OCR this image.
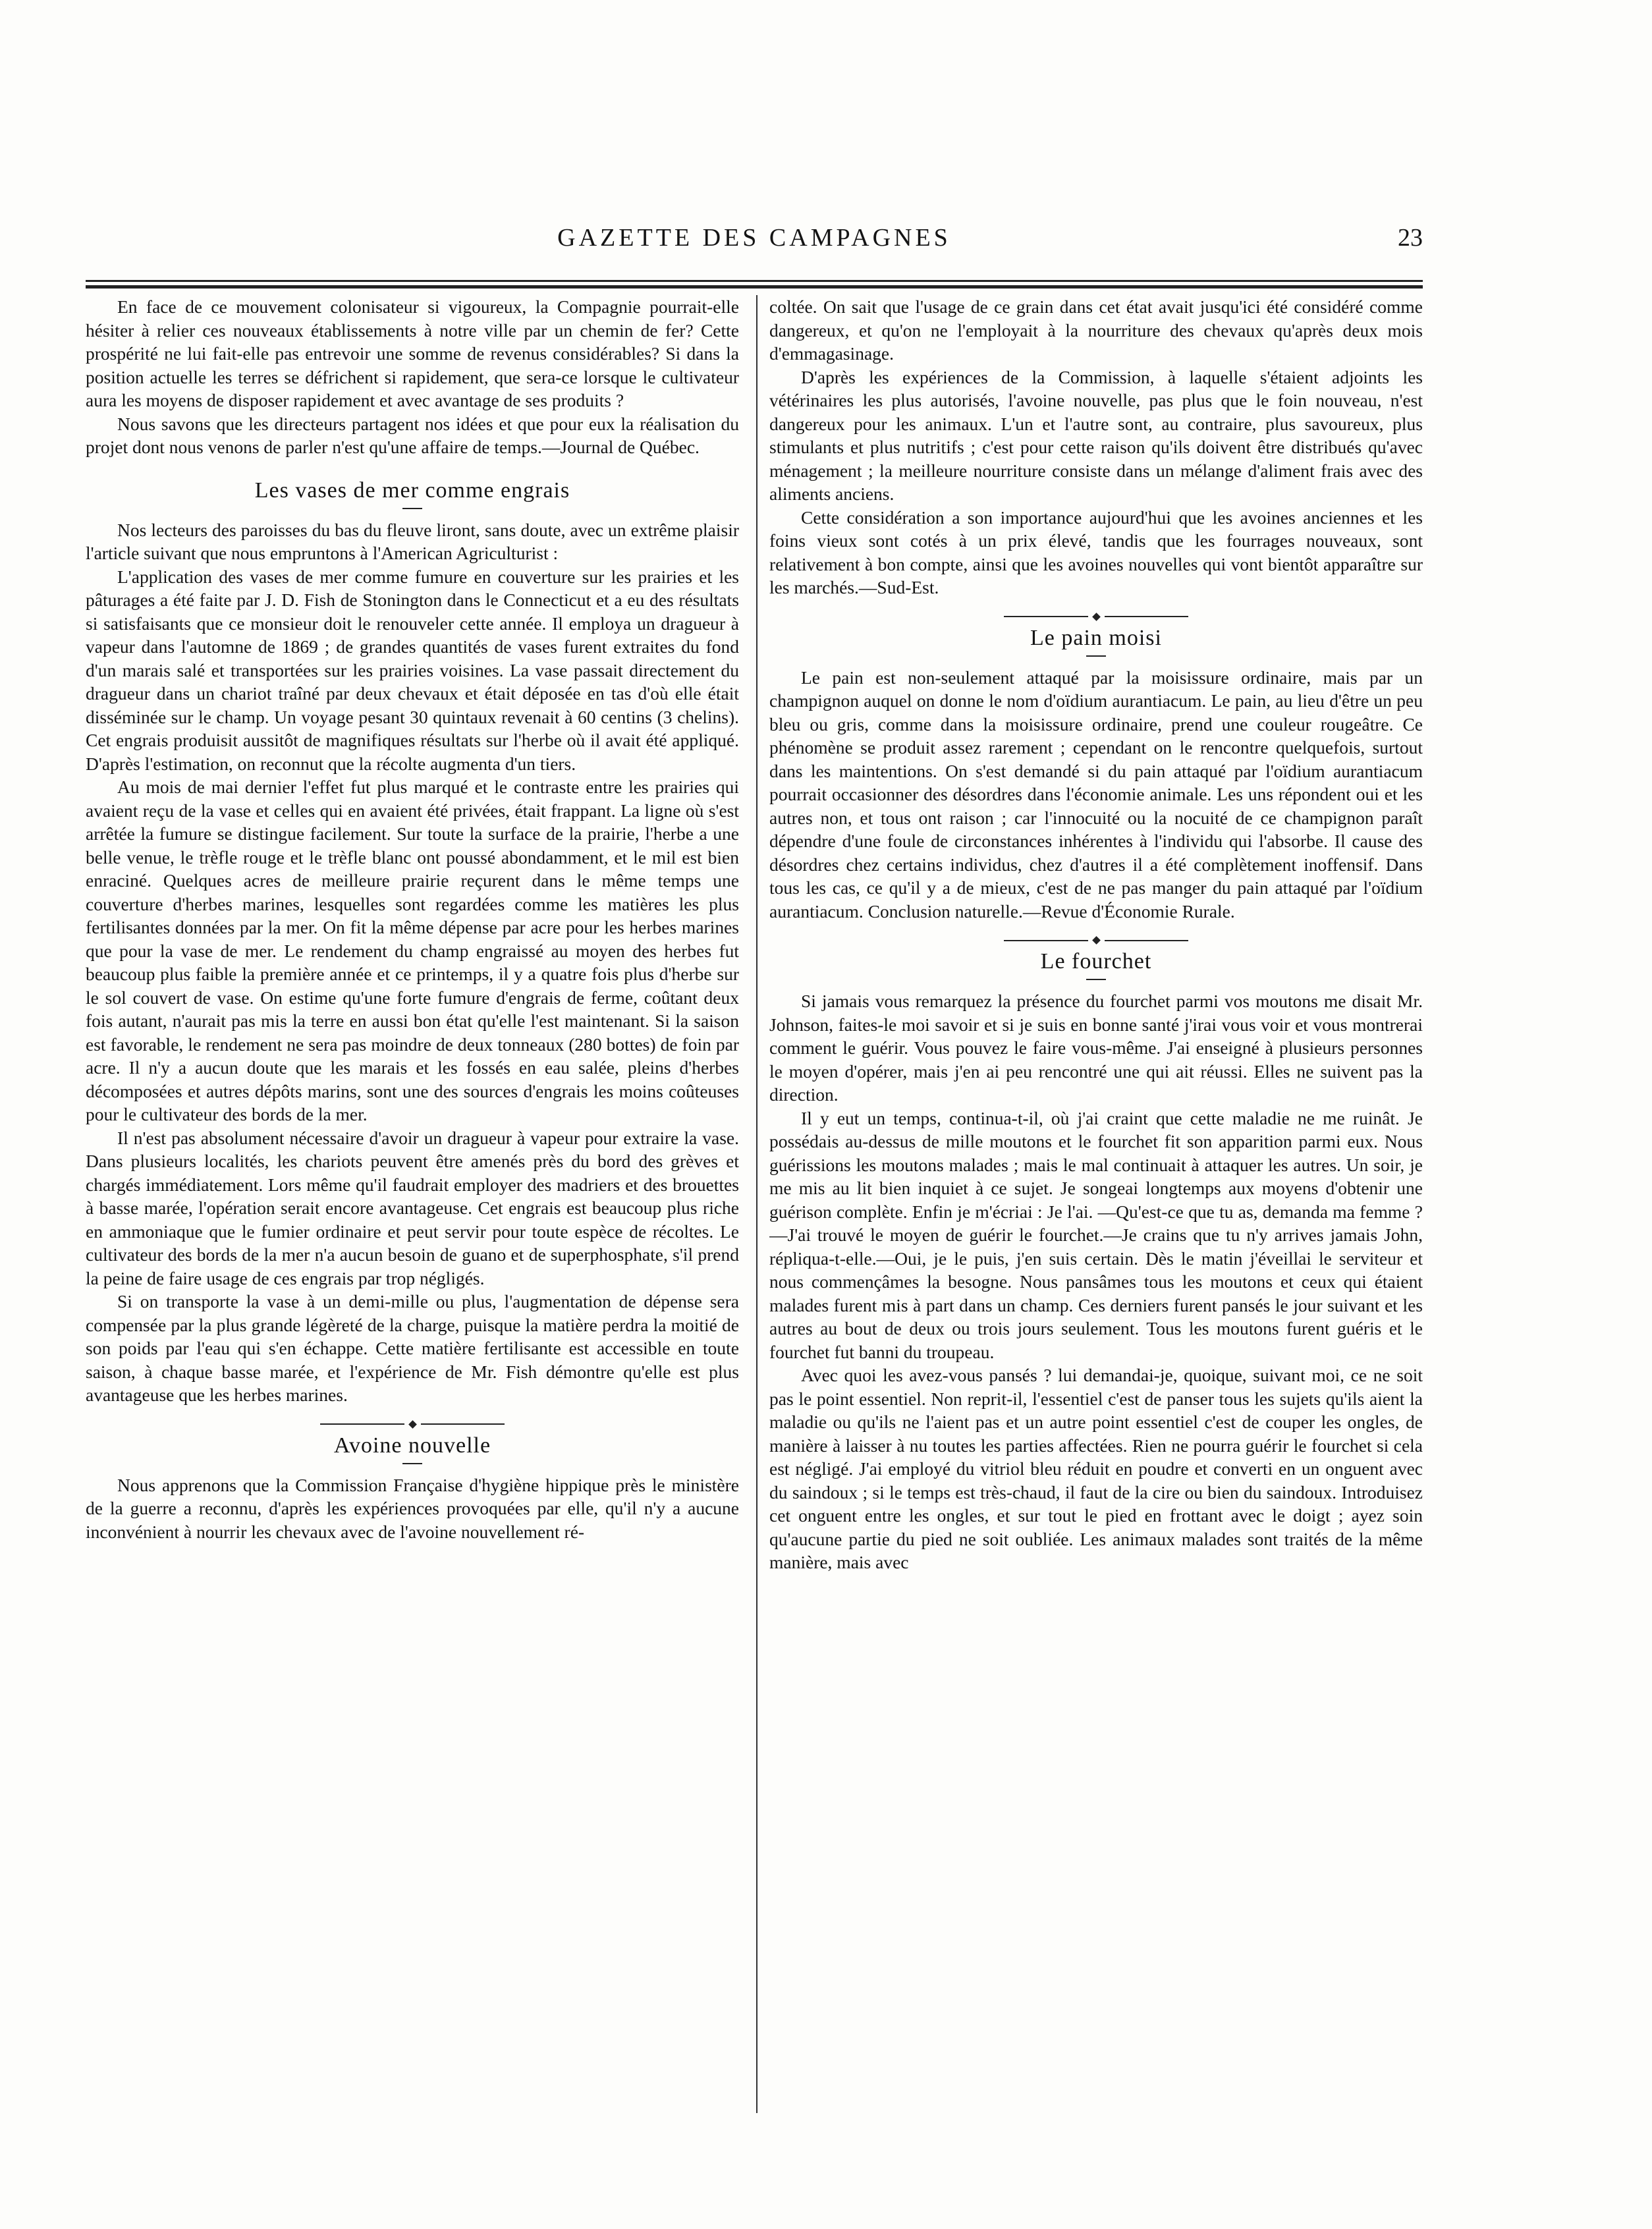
GAZETTE DES CAMPAGNES	23

En face de ce mouvement colonisateur si vigoureux, la Compagnie pourrait-elle hésiter à relier ces nouveaux établissements à notre ville par un chemin de fer? Cette prospérité ne lui fait-elle pas entrevoir une somme de revenus considérables? Si dans la position actuelle les terres se défrichent si rapidement, que sera-ce lorsque le cultivateur aura les moyens de disposer rapidement et avec avantage de ses produits ?

Nous savons que les directeurs partagent nos idées et que pour eux la réalisation du projet dont nous venons de parler n'est qu'une affaire de temps.—Journal de Québec.

Les vases de mer comme engrais

Nos lecteurs des paroisses du bas du fleuve liront, sans doute, avec un extrême plaisir l'article suivant que nous empruntons à l'American Agriculturist :

L'application des vases de mer comme fumure en couverture sur les prairies et les pâturages a été faite par J. D. Fish de Stonington dans le Connecticut et a eu des résultats si satisfaisants que ce monsieur doit le renouveler cette année. Il employa un dragueur à vapeur dans l'automne de 1869 ; de grandes quantités de vases furent extraites du fond d'un marais salé et transportées sur les prairies voisines. La vase passait directement du dragueur dans un chariot traîné par deux chevaux et était déposée en tas d'où elle était disséminée sur le champ. Un voyage pesant 30 quintaux revenait à 60 centins (3 chelins). Cet engrais produisit aussitôt de magnifiques résultats sur l'herbe où il avait été appliqué. D'après l'estimation, on reconnut que la récolte augmenta d'un tiers.

Au mois de mai dernier l'effet fut plus marqué et le contraste entre les prairies qui avaient reçu de la vase et celles qui en avaient été privées, était frappant. La ligne où s'est arrêtée la fumure se distingue facilement. Sur toute la surface de la prairie, l'herbe a une belle venue, le trèfle rouge et le trèfle blanc ont poussé abondamment, et le mil est bien enraciné. Quelques acres de meilleure prairie reçurent dans le même temps une couverture d'herbes marines, lesquelles sont regardées comme les matières les plus fertilisantes données par la mer. On fit la même dépense par acre pour les herbes marines que pour la vase de mer. Le rendement du champ engraissé au moyen des herbes fut beaucoup plus faible la première année et ce printemps, il y a quatre fois plus d'herbe sur le sol couvert de vase. On estime qu'une forte fumure d'engrais de ferme, coûtant deux fois autant, n'aurait pas mis la terre en aussi bon état qu'elle l'est maintenant. Si la saison est favorable, le rendement ne sera pas moindre de deux tonneaux (280 bottes) de foin par acre. Il n'y a aucun doute que les marais et les fossés en eau salée, pleins d'herbes décomposées et autres dépôts marins, sont une des sources d'engrais les moins coûteuses pour le cultivateur des bords de la mer.

Il n'est pas absolument nécessaire d'avoir un dragueur à vapeur pour extraire la vase. Dans plusieurs localités, les chariots peuvent être amenés près du bord des grèves et chargés immédiatement. Lors même qu'il faudrait employer des madriers et des brouettes à basse marée, l'opération serait encore avantageuse. Cet engrais est beaucoup plus riche en ammoniaque que le fumier ordinaire et peut servir pour toute espèce de récoltes. Le cultivateur des bords de la mer n'a aucun besoin de guano et de superphosphate, s'il prend la peine de faire usage de ces engrais par trop négligés.

Si on transporte la vase à un demi-mille ou plus, l'augmentation de dépense sera compensée par la plus grande légèreté de la charge, puisque la matière perdra la moitié de son poids par l'eau qui s'en échappe. Cette matière fertilisante est accessible en toute saison, à chaque basse marée, et l'expérience de Mr. Fish démontre qu'elle est plus avantageuse que les herbes marines.

Avoine nouvelle

Nous apprenons que la Commission Française d'hygiène hippique près le ministère de la guerre a reconnu, d'après les expériences provoquées par elle, qu'il n'y a aucune inconvénient à nourrir les chevaux avec de l'avoine nouvellement ré-

coltée. On sait que l'usage de ce grain dans cet état avait jusqu'ici été considéré comme dangereux, et qu'on ne l'employait à la nourriture des chevaux qu'après deux mois d'emmagasinage.

D'après les expériences de la Commission, à laquelle s'étaient adjoints les vétérinaires les plus autorisés, l'avoine nouvelle, pas plus que le foin nouveau, n'est dangereux pour les animaux. L'un et l'autre sont, au contraire, plus savoureux, plus stimulants et plus nutritifs ; c'est pour cette raison qu'ils doivent être distribués qu'avec ménagement ; la meilleure nourriture consiste dans un mélange d'aliment frais avec des aliments anciens.

Cette considération a son importance aujourd'hui que les avoines anciennes et les foins vieux sont cotés à un prix élevé, tandis que les fourrages nouveaux, sont relativement à bon compte, ainsi que les avoines nouvelles qui vont bientôt apparaître sur les marchés.—Sud-Est.

Le pain moisi

Le pain est non-seulement attaqué par la moisissure ordinaire, mais par un champignon auquel on donne le nom d'oïdium aurantiacum. Le pain, au lieu d'être un peu bleu ou gris, comme dans la moisissure ordinaire, prend une couleur rougeâtre. Ce phénomène se produit assez rarement ; cependant on le rencontre quelquefois, surtout dans les maintentions. On s'est demandé si du pain attaqué par l'oïdium aurantiacum pourrait occasionner des désordres dans l'économie animale. Les uns répondent oui et les autres non, et tous ont raison ; car l'innocuité ou la nocuité de ce champignon paraît dépendre d'une foule de circonstances inhérentes à l'individu qui l'absorbe. Il cause des désordres chez certains individus, chez d'autres il a été complètement inoffensif. Dans tous les cas, ce qu'il y a de mieux, c'est de ne pas manger du pain attaqué par l'oïdium aurantiacum. Conclusion naturelle.—Revue d'Économie Rurale.

Le fourchet

Si jamais vous remarquez la présence du fourchet parmi vos moutons me disait Mr. Johnson, faites-le moi savoir et si je suis en bonne santé j'irai vous voir et vous montrerai comment le guérir. Vous pouvez le faire vous-même. J'ai enseigné à plusieurs personnes le moyen d'opérer, mais j'en ai peu rencontré une qui ait réussi. Elles ne suivent pas la direction.

Il y eut un temps, continua-t-il, où j'ai craint que cette maladie ne me ruinât. Je possédais au-dessus de mille moutons et le fourchet fit son apparition parmi eux. Nous guérissions les moutons malades ; mais le mal continuait à attaquer les autres. Un soir, je me mis au lit bien inquiet à ce sujet. Je songeai longtemps aux moyens d'obtenir une guérison complète. Enfin je m'écriai : Je l'ai. —Qu'est-ce que tu as, demanda ma femme ?—J'ai trouvé le moyen de guérir le fourchet.—Je crains que tu n'y arrives jamais John, répliqua-t-elle.—Oui, je le puis, j'en suis certain. Dès le matin j'éveillai le serviteur et nous commençâmes la besogne. Nous pansâmes tous les moutons et ceux qui étaient malades furent mis à part dans un champ. Ces derniers furent pansés le jour suivant et les autres au bout de deux ou trois jours seulement. Tous les moutons furent guéris et le fourchet fut banni du troupeau.

Avec quoi les avez-vous pansés ? lui demandai-je, quoique, suivant moi, ce ne soit pas le point essentiel. Non reprit-il, l'essentiel c'est de panser tous les sujets qu'ils aient la maladie ou qu'ils ne l'aient pas et un autre point essentiel c'est de couper les ongles, de manière à laisser à nu toutes les parties affectées. Rien ne pourra guérir le fourchet si cela est négligé. J'ai employé du vitriol bleu réduit en poudre et converti en un onguent avec du saindoux ; si le temps est très-chaud, il faut de la cire ou bien du saindoux. Introduisez cet onguent entre les ongles, et sur tout le pied en frottant avec le doigt ; ayez soin qu'aucune partie du pied ne soit oubliée. Les animaux malades sont traités de la même manière, mais avec
